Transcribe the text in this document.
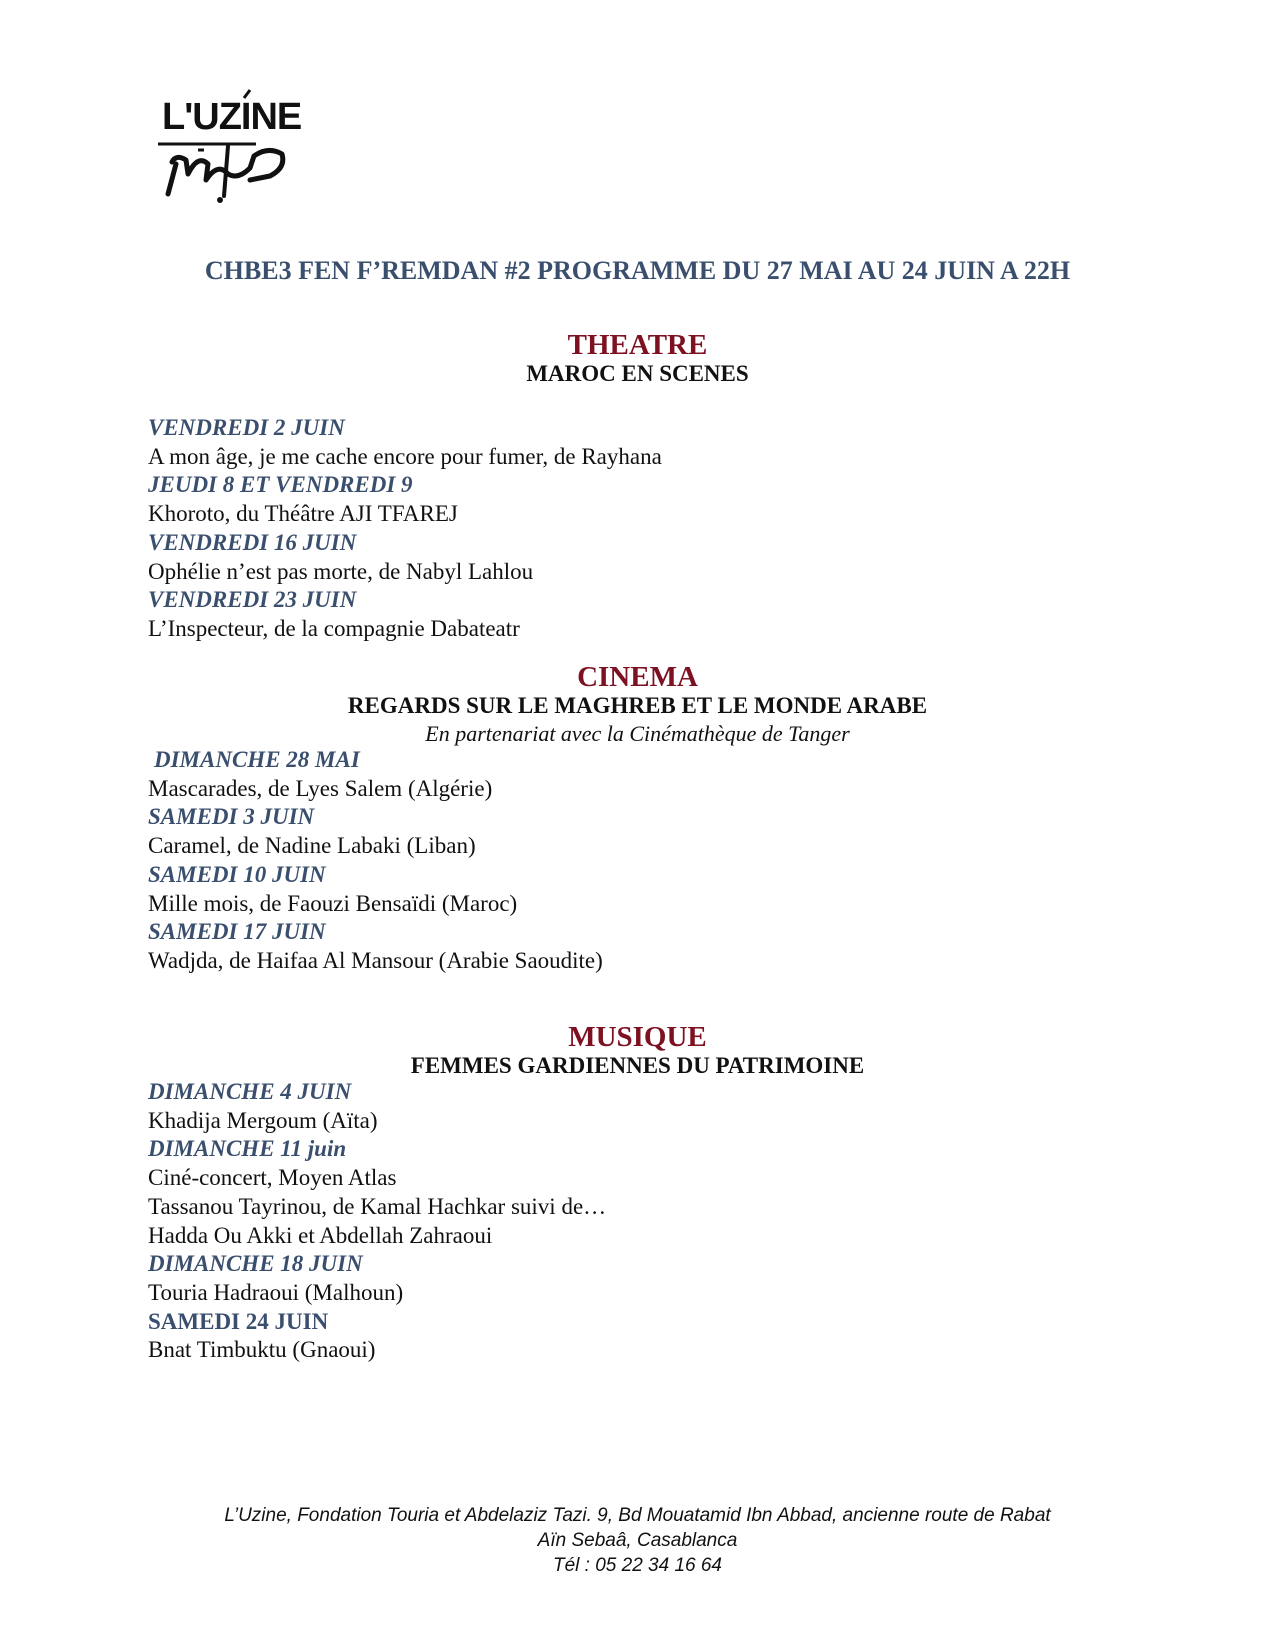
L'UZINE
CHBE3 FEN F’REMDAN #2 PROGRAMME DU 27 MAI AU 24 JUIN A 22H
THEATRE
MAROC EN SCENES
VENDREDI 2 JUIN
A mon âge, je me cache encore pour fumer, de Rayhana
JEUDI 8 ET VENDREDI 9
Khoroto, du Théâtre AJI TFAREJ
VENDREDI 16 JUIN
Ophélie n’est pas morte, de Nabyl Lahlou
VENDREDI 23 JUIN
L’Inspecteur, de la compagnie Dabateatr
CINEMA
REGARDS SUR LE MAGHREB ET LE MONDE ARABE
En partenariat avec la Cinémathèque de Tanger
DIMANCHE 28 MAI
Mascarades, de Lyes Salem (Algérie)
SAMEDI 3 JUIN
Caramel, de Nadine Labaki (Liban)
SAMEDI 10 JUIN
Mille mois, de Faouzi Bensaïdi (Maroc)
SAMEDI 17 JUIN
Wadjda, de Haifaa Al Mansour (Arabie Saoudite)
MUSIQUE
FEMMES GARDIENNES DU PATRIMOINE
DIMANCHE 4 JUIN
Khadija Mergoum (Aïta)
DIMANCHE 11 juin
Ciné-concert, Moyen Atlas
Tassanou Tayrinou, de Kamal Hachkar suivi de…
Hadda Ou Akki et Abdellah Zahraoui
DIMANCHE 18 JUIN
Touria Hadraoui (Malhoun)
SAMEDI 24 JUIN
Bnat Timbuktu (Gnaoui)
L’Uzine, Fondation Touria et Abdelaziz Tazi. 9, Bd Mouatamid Ibn Abbad, ancienne route de Rabat
Aïn Sebaâ, Casablanca
Tél : 05 22 34 16 64
